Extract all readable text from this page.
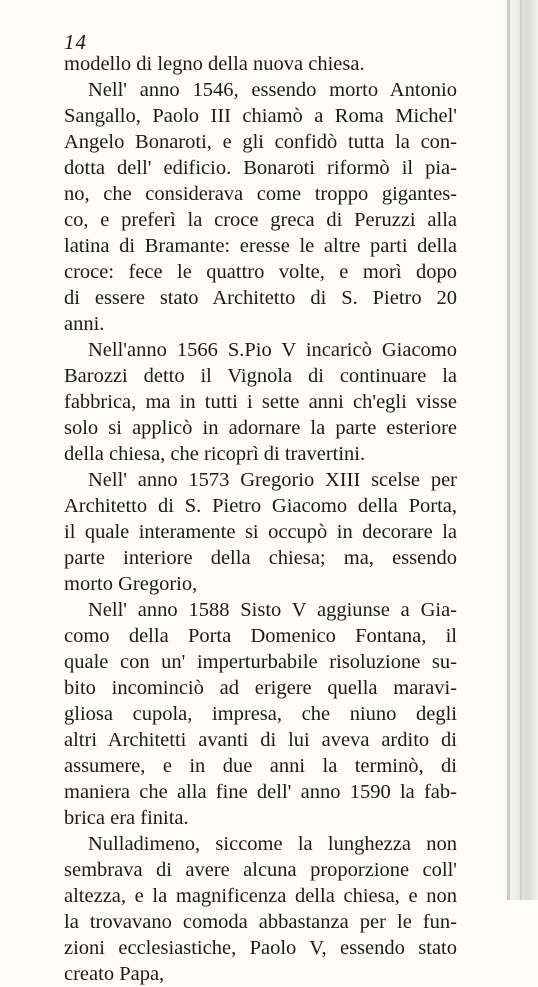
14
modello di legno della nuova chiesa.
Nell' anno 1546, essendo morto Antonio
Sangallo, Paolo III chiamò a Roma Michel'
Angelo Bonaroti, e gli confidò tutta la con-
dotta dell' edificio. Bonaroti riformò il pia-
no, che considerava come troppo gigantes-
co, e preferì la croce greca di Peruzzi alla
latina di Bramante: eresse le altre parti della
croce: fece le quattro volte, e morì dopo
di essere stato Architetto di S. Pietro 20
anni.
Nell'anno 1566 S.Pio V incaricò Giacomo
Barozzi detto il Vignola di continuare la
fabbrica, ma in tutti i sette anni ch'egli visse
solo si applicò in adornare la parte esteriore
della chiesa, che ricoprì di travertini.
Nell' anno 1573 Gregorio XIII scelse per
Architetto di S. Pietro Giacomo della Porta,
il quale interamente si occupò in decorare la
parte interiore della chiesa; ma, essendo
morto Gregorio,
Nell' anno 1588 Sisto V aggiunse a Gia-
como della Porta Domenico Fontana, il
quale con un' imperturbabile risoluzione su-
bito incominciò ad erigere quella maravi-
gliosa cupola, impresa, che niuno degli
altri Architetti avanti di lui aveva ardito di
assumere, e in due anni la terminò, di
maniera che alla fine dell' anno 1590 la fab-
brica era finita.
Nulladimeno, siccome la lunghezza non
sembrava di avere alcuna proporzione coll'
altezza, e la magnificenza della chiesa, e non
la trovavano comoda abbastanza per le fun-
zioni ecclesiastiche, Paolo V, essendo stato
creato Papa,
